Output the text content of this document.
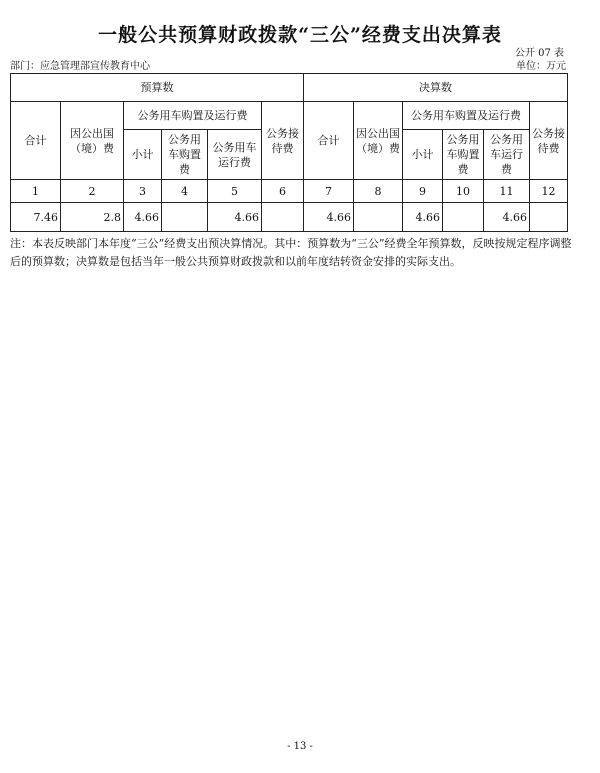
一般公共预算财政拨款“三公”经费支出决算表
公开 07 表
部门：应急管理部宣传教育中心	单位：万元
预算数						决算数					
合计	因公出国（境）费	公务用车购置及运行费			公务接待费	合计	因公出国（境）费	公务用车购置及运行费			公务接待费
		小计	公务用车购置费	公务用车运行费				小计	公务用车购置费	公务用车运行费	
1	2	3	4	5	6	7	8	9	10	11	12
7.46	2.8	4.66		4.66		4.66		4.66		4.66	
注：本表反映部门本年度“三公”经费支出预决算情况。其中：预算数为“三公”经费全年预算数，反映按规定程序调整后的预算数；决算数是包括当年一般公共预算财政拨款和以前年度结转资金安排的实际支出。
- 13 -
